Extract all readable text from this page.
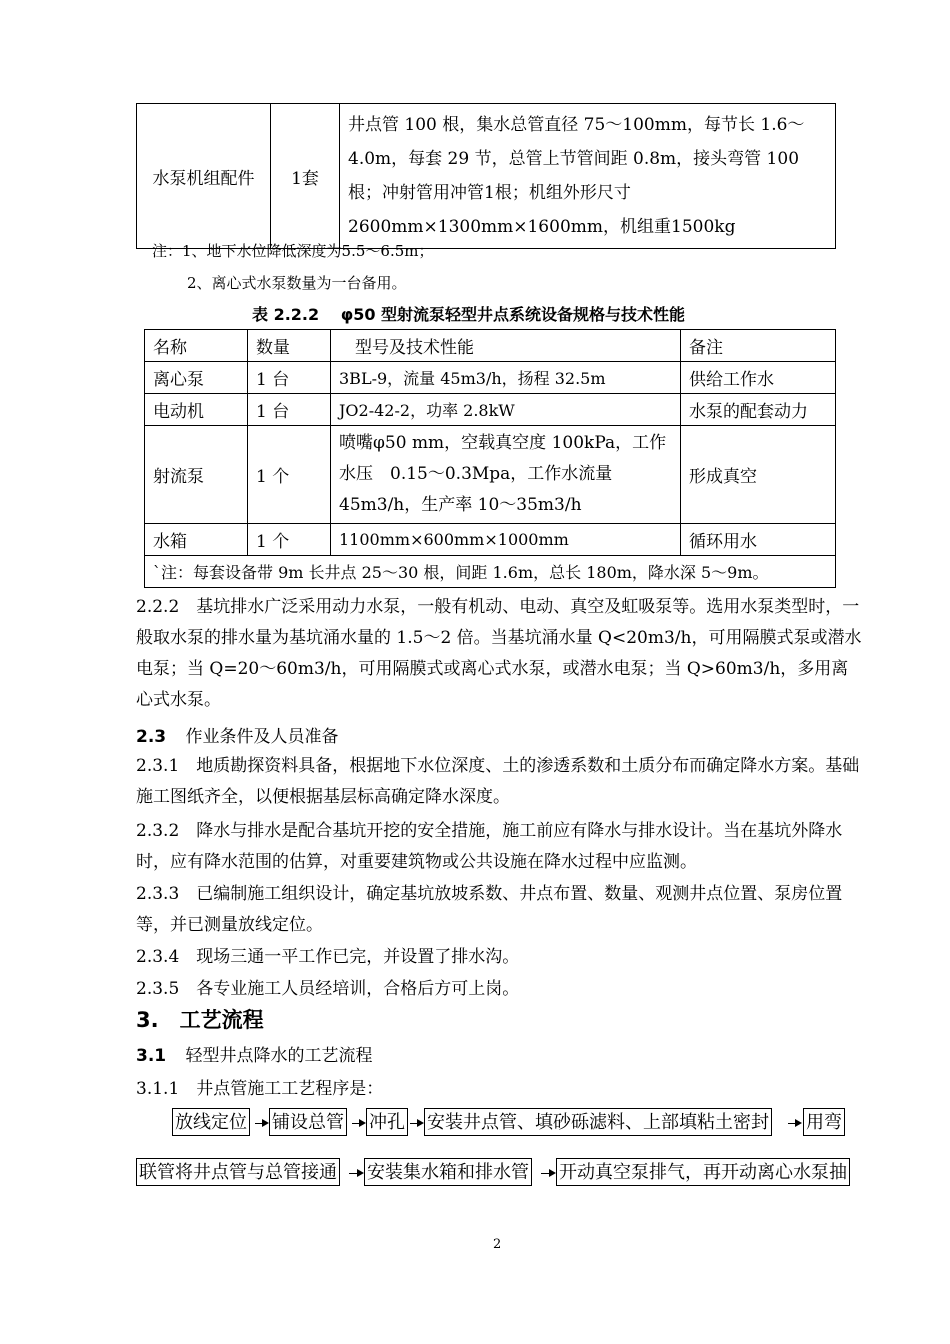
水泵机组配件	1套	井点管 100 根，集水总管直径 75～100mm，每节长 1.6～4.0m，每套 29 节，总管上节管间距 0.8m，接头弯管 100 根；冲射管用冲管1根；机组外形尺寸2600mm×1300mm×1600mm，机组重1500kg
注：1、地下水位降低深度为5.5～6.5m；
2、离心式水泵数量为一台备用。
表 2.2.2　 φ50 型射流泵轻型井点系统设备规格与技术性能
名称	数量	型号及技术性能	备注
离心泵	1 台	3BL-9，流量 45m3/h，扬程 32.5m	供给工作水
电动机	1 台	JO2-42-2，功率 2.8kW	水泵的配套动力
射流泵	1 个	喷嘴φ50 mm，空载真空度 100kPa，工作水压　0.15～0.3Mpa，工作水流量 45m3/h，生产率 10～35m3/h	形成真空
水箱	1 个	1100mm×600mm×1000mm	循环用水
`注：每套设备带 9m 长井点 25～30 根，间距 1.6m，总长 180m，降水深 5～9m。			
2.2.2　基坑排水广泛采用动力水泵，一般有机动、电动、真空及虹吸泵等。选用水泵类型时，一般取水泵的排水量为基坑涌水量的 1.5～2 倍。当基坑涌水量 Q<20m3/h，可用隔膜式泵或潜水电泵；当 Q=20～60m3/h，可用隔膜式或离心式水泵，或潜水电泵；当 Q>60m3/h，多用离心式水泵。
2.3 作业条件及人员准备
2.3.1　地质勘探资料具备，根据地下水位深度、土的渗透系数和土质分布而确定降水方案。基础施工图纸齐全，以便根据基层标高确定降水深度。
2.3.2　降水与排水是配合基坑开挖的安全措施，施工前应有降水与排水设计。当在基坑外降水时，应有降水范围的估算，对重要建筑物或公共设施在降水过程中应监测。
2.3.3　已编制施工组织设计，确定基坑放坡系数、井点布置、数量、观测井点位置、泵房位置等，并已测量放线定位。
2.3.4　现场三通一平工作已完，并设置了排水沟。
2.3.5　各专业施工人员经培训，合格后方可上岗。
3.　工艺流程
3.1 轻型井点降水的工艺流程
3.1.1　井点管施工工艺程序是：
放线定位 铺设总管 冲孔 安装井点管、填砂砾滤料、上部填粘土密封 用弯
联管将井点管与总管接通 安装集水箱和排水管 开动真空泵排气，再开动离心水泵抽
2
